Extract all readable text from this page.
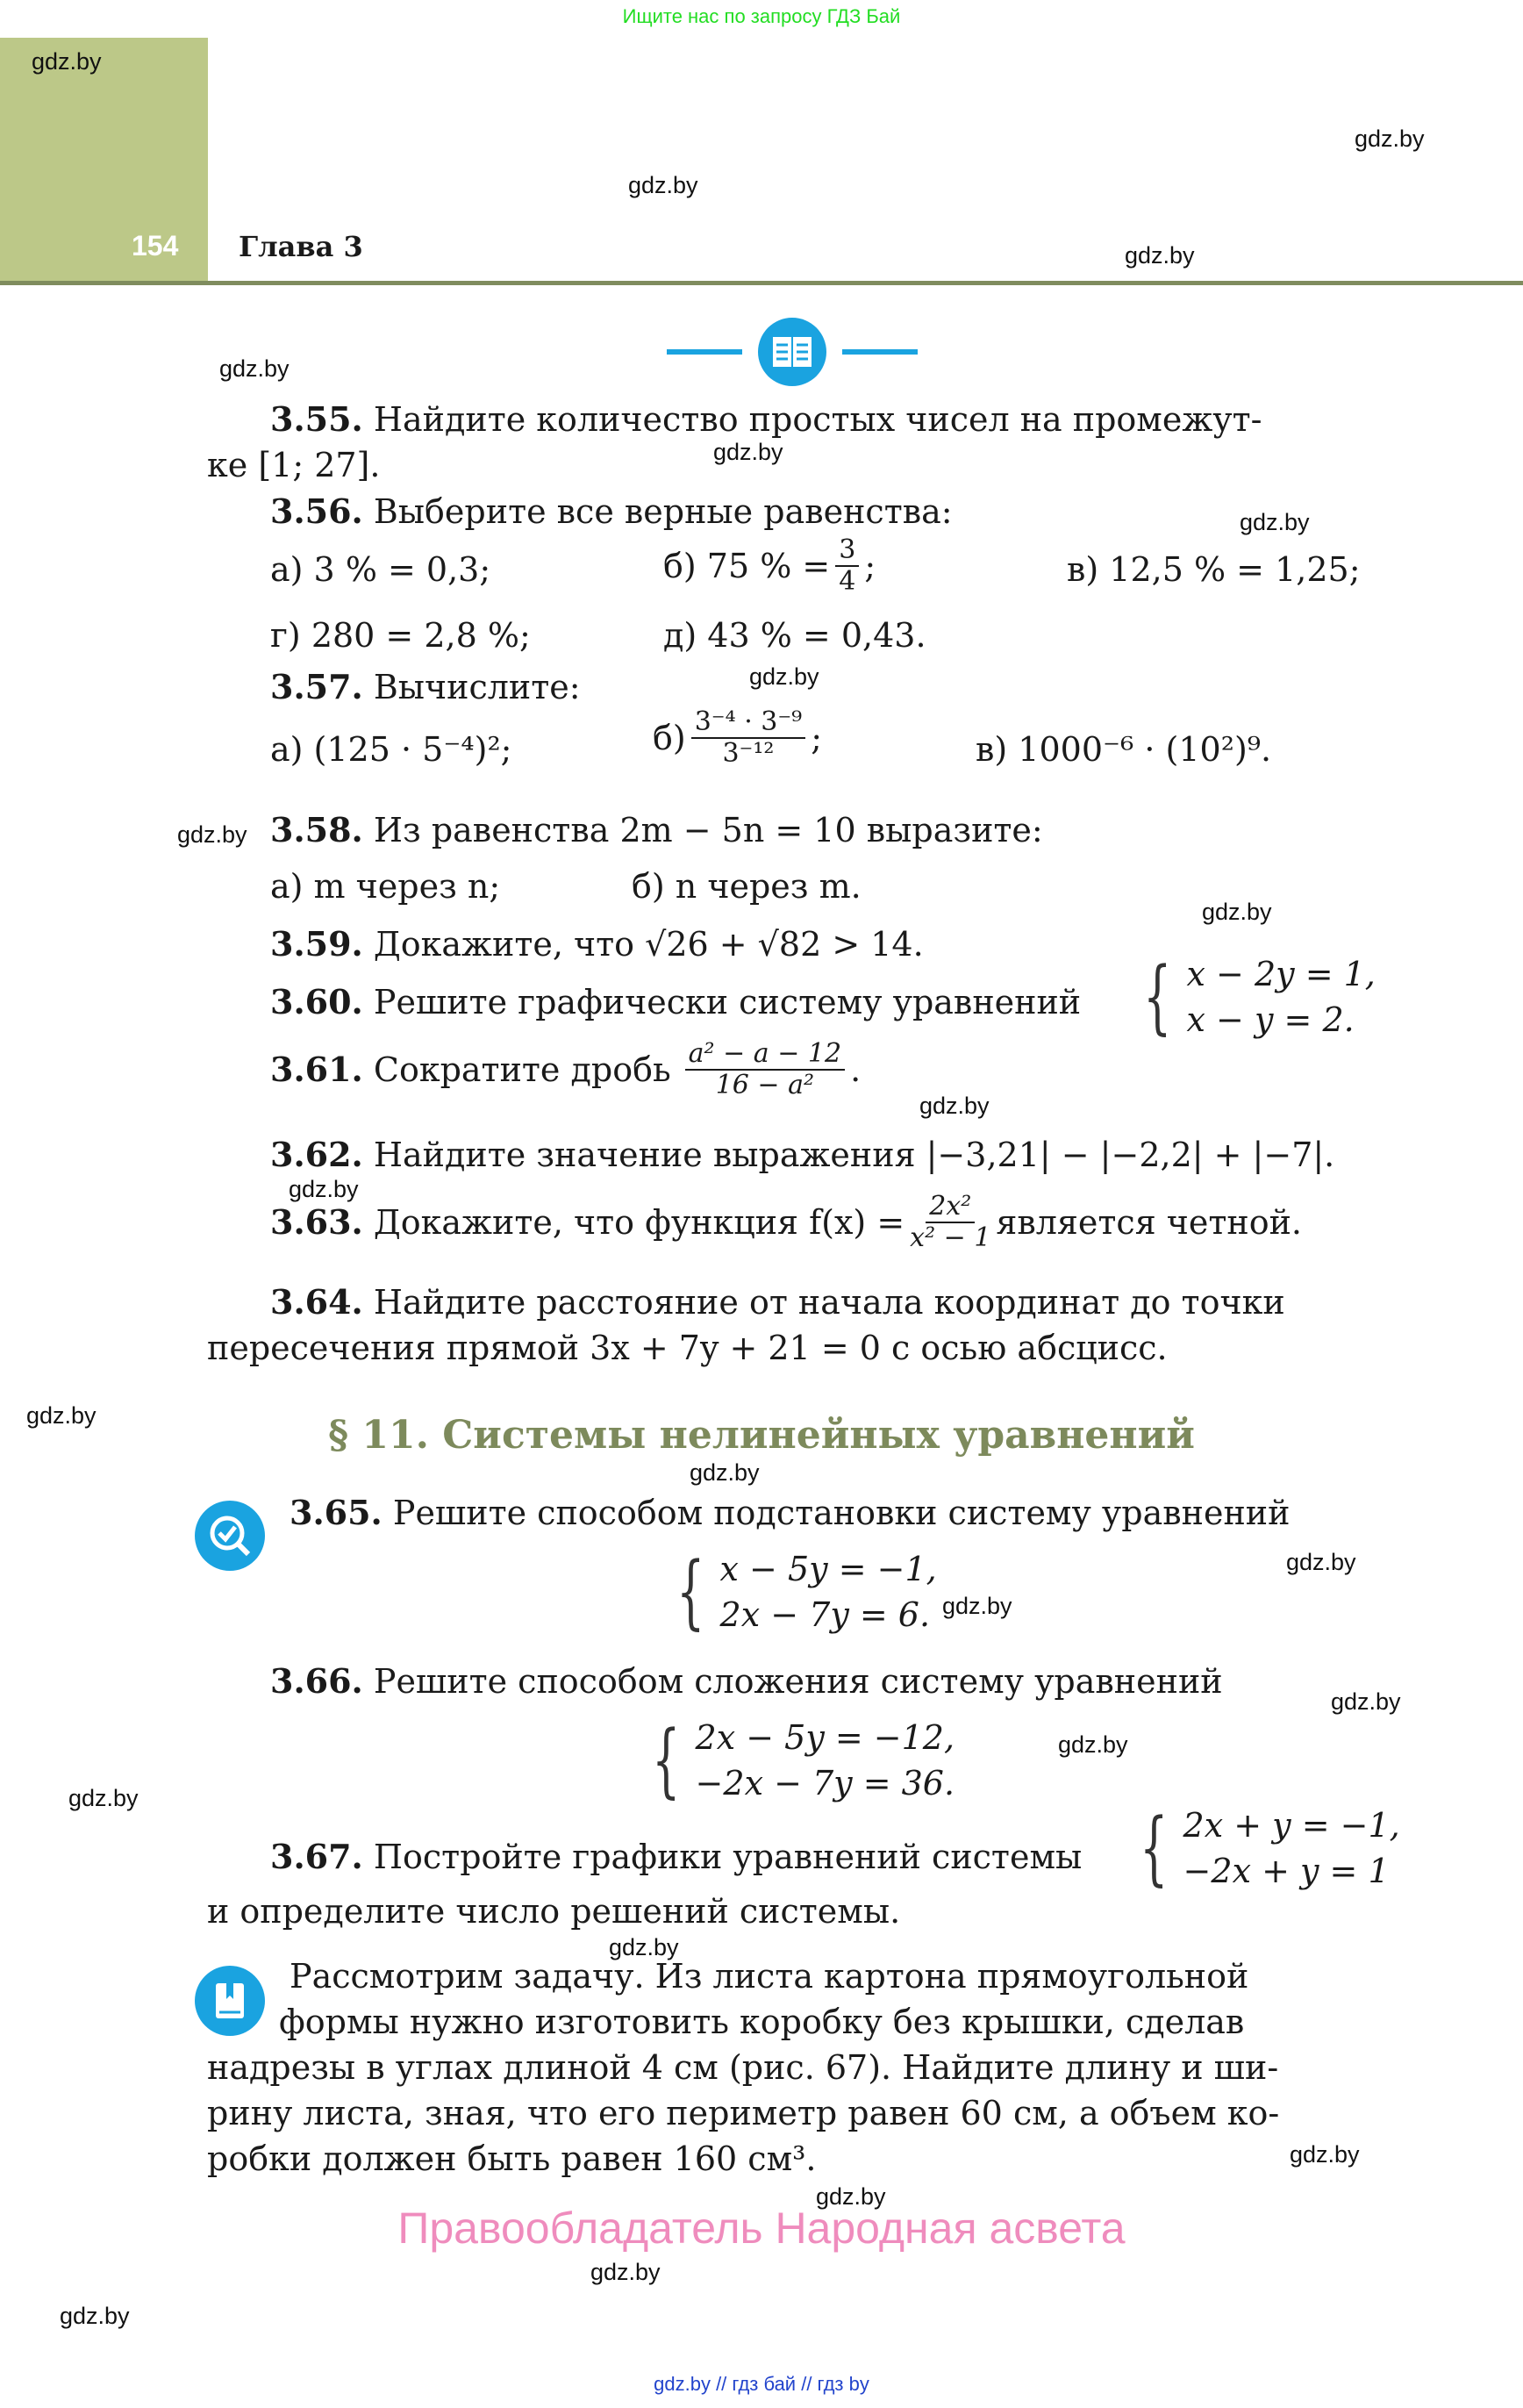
Ищите нас по запросу ГДЗ Бай
154 Глава 3
gdz.by
gdz.by
gdz.by
gdz.by
gdz.by
gdz.by
gdz.by
gdz.by
gdz.by
gdz.by
gdz.by
gdz.by
gdz.by
gdz.by
gdz.by
gdz.by
gdz.by
gdz.by
gdz.by
gdz.by
gdz.by
gdz.by
gdz.by
gdz.by
3.55. Найдите количество простых чисел на промежут-
ке [1; 27].
3.56. Выберите все верные равенства:
а) 3 % = 0,3;	б) 75 % = $\frac{3}{4}$ ;	в) 12,5 % = 1,25;
г) 280 = 2,8 %;	д) 43 % = 0,43.
3.57. Вычислите:
а) (125 · 5⁻⁴)²;	$б) \frac{\text{3⁻⁴ · 3⁻⁹}}{\text{3⁻¹²}}$ ;	в) 1000⁻⁶ · (10²)⁹.
3.58. Из равенства 2m − 5n = 10 выразите:
а) m через n;	б) n через m.
3.59. Докажите, что √26 + √82 > 14.
3.60. Решите графически систему уравнений { x − 2y = 1,
x − y = 2.
3.61.
Сократите дробь $\frac{\text{a² − a − 12}}{\text{16 − a²}}$ .
3.62. Найдите значение выражения |−3,21| − |−2,2| + |−7|.
3.63.
Докажите, что функция $f(x) = \frac{\text{2x²}}{\text{x² − 1}}$ является четной.
3.64. Найдите расстояние от начала координат до точки
пересечения прямой 3x + 7y + 21 = 0 с осью абсцисс.
§ 11. Системы нелинейных уравнений
3.65. Решите способом подстановки систему уравнений
{ x − 5y = −1,
2x − 7y = 6.
3.66. Решите способом сложения систему уравнений
{ 2x − 5y = −12,
−2x − 7y = 36.
3.67. Постройте графики уравнений системы { 2x + y = −1,
−2x + y = 1
и определите число решений системы.
Рассмотрим задачу. Из листа картона прямоугольной
формы нужно изготовить коробку без крышки, сделав
надрезы в углах длиной 4 см (рис. 67). Найдите длину и ши-
рину листа, зная, что его периметр равен 60 см, а объем ко-
робки должен быть равен 160 см³.
Правообладатель Народная асвета
gdz.by // гдз бай // гдз by
